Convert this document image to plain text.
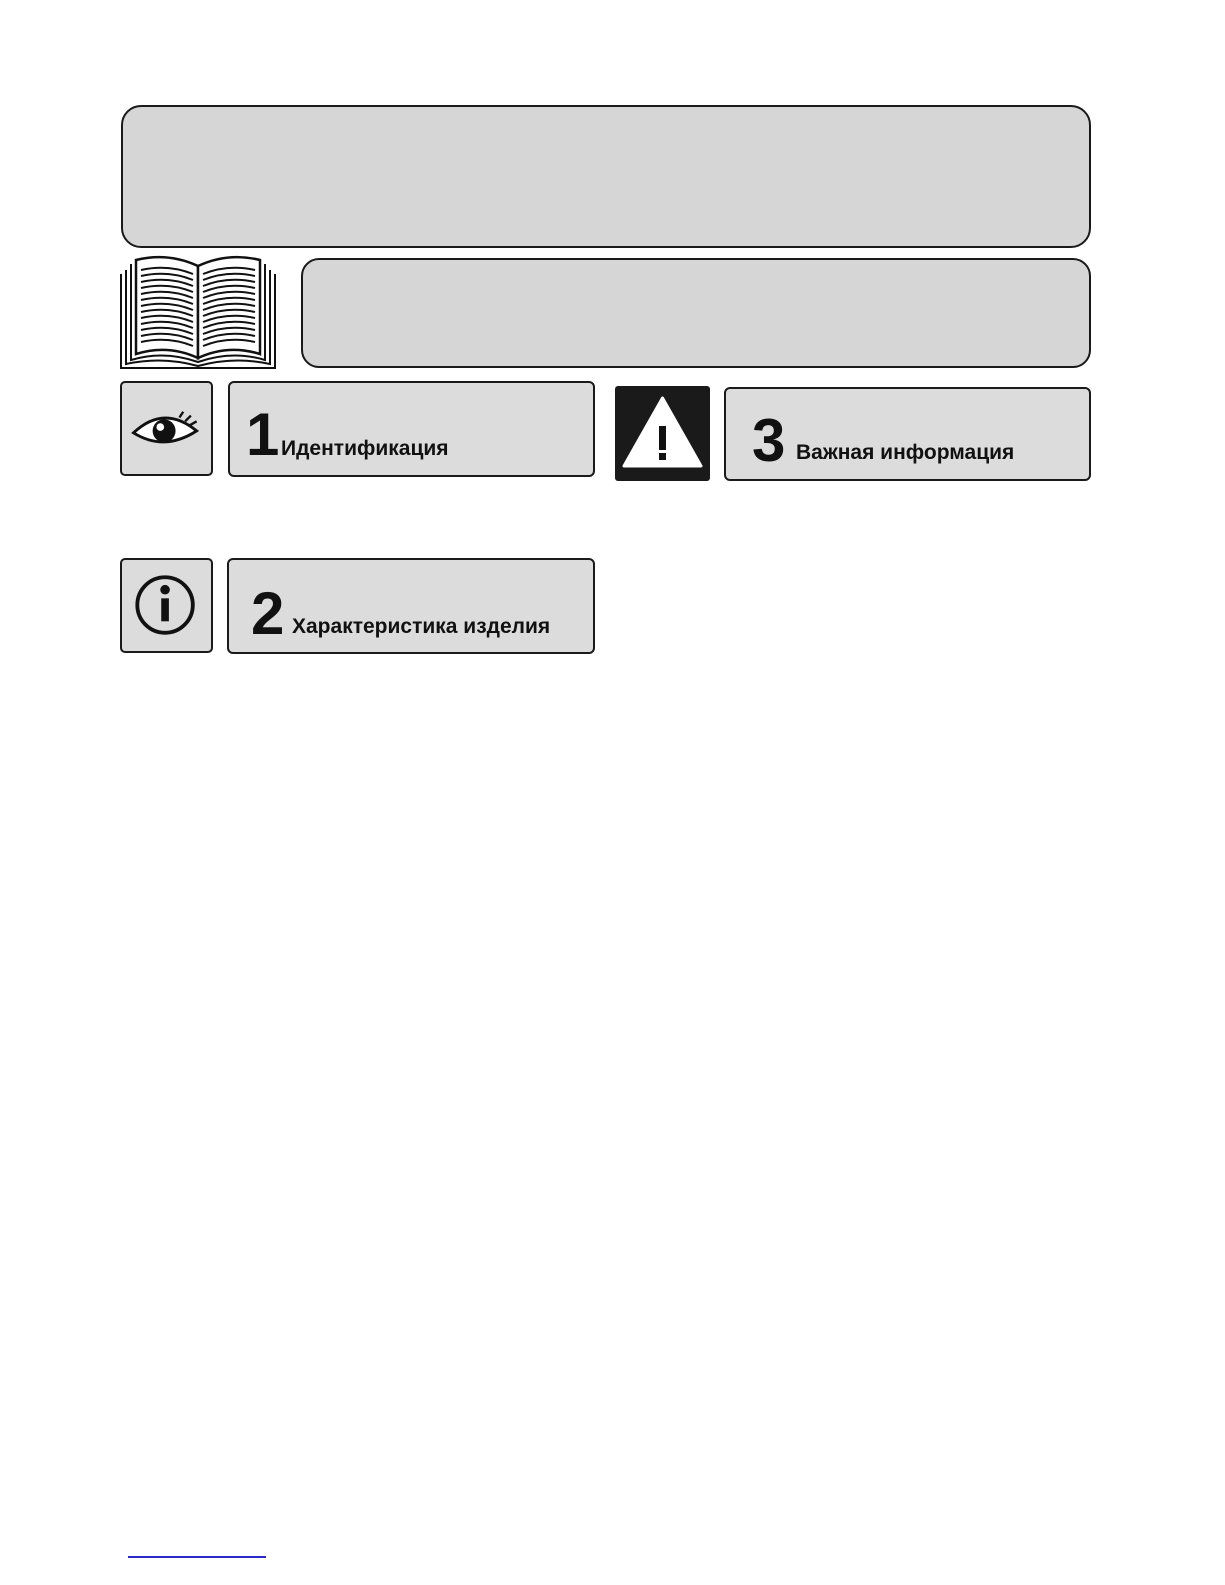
1 Идентификация	3 Важная информация
2 Характеристика изделия
